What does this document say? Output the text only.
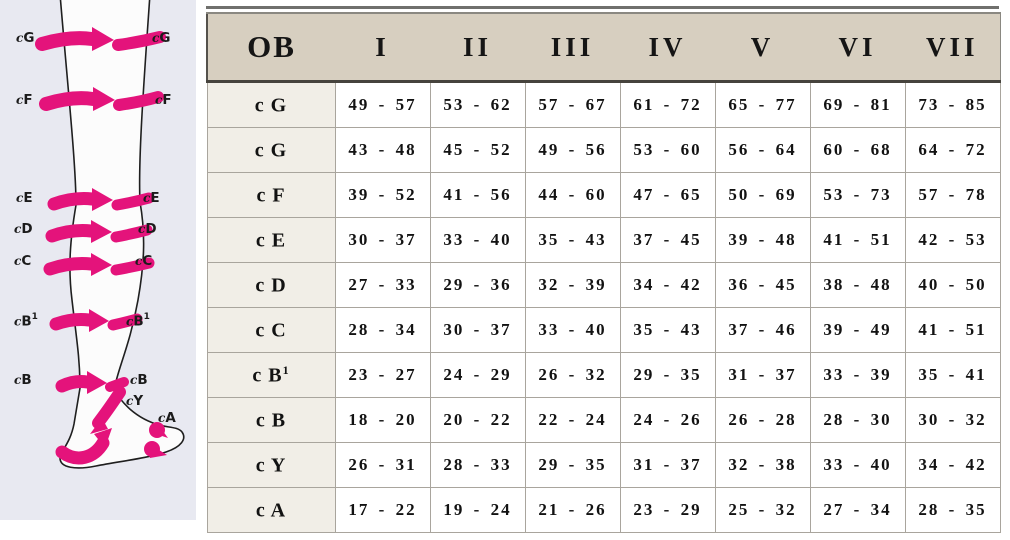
cG	cG
cF	cF
cE	cE
cD	cD
cC	cC
$cB^1$	$cB^1$
cB	cB
cY
cA
OB	I	II	III	IV	V	VI	VII
c G	49 - 57	53 - 62	57 - 67	61 - 72	65 - 77	69 - 81	73 - 85
c G	43 - 48	45 - 52	49 - 56	53 - 60	56 - 64	60 - 68	64 - 72
c F	39 - 52	41 - 56	44 - 60	47 - 65	50 - 69	53 - 73	57 - 78
c E	30 - 37	33 - 40	35 - 43	37 - 45	39 - 48	41 - 51	42 - 53
c D	27 - 33	29 - 36	32 - 39	34 - 42	36 - 45	38 - 48	40 - 50
c C	28 - 34	30 - 37	33 - 40	35 - 43	37 - 46	39 - 49	41 - 51
c $B^1$	23 - 27	24 - 29	26 - 32	29 - 35	31 - 37	33 - 39	35 - 41
c B	18 - 20	20 - 22	22 - 24	24 - 26	26 - 28	28 - 30	30 - 32
c Y	26 - 31	28 - 33	29 - 35	31 - 37	32 - 38	33 - 40	34 - 42
c A	17 - 22	19 - 24	21 - 26	23 - 29	25 - 32	27 - 34	28 - 35
